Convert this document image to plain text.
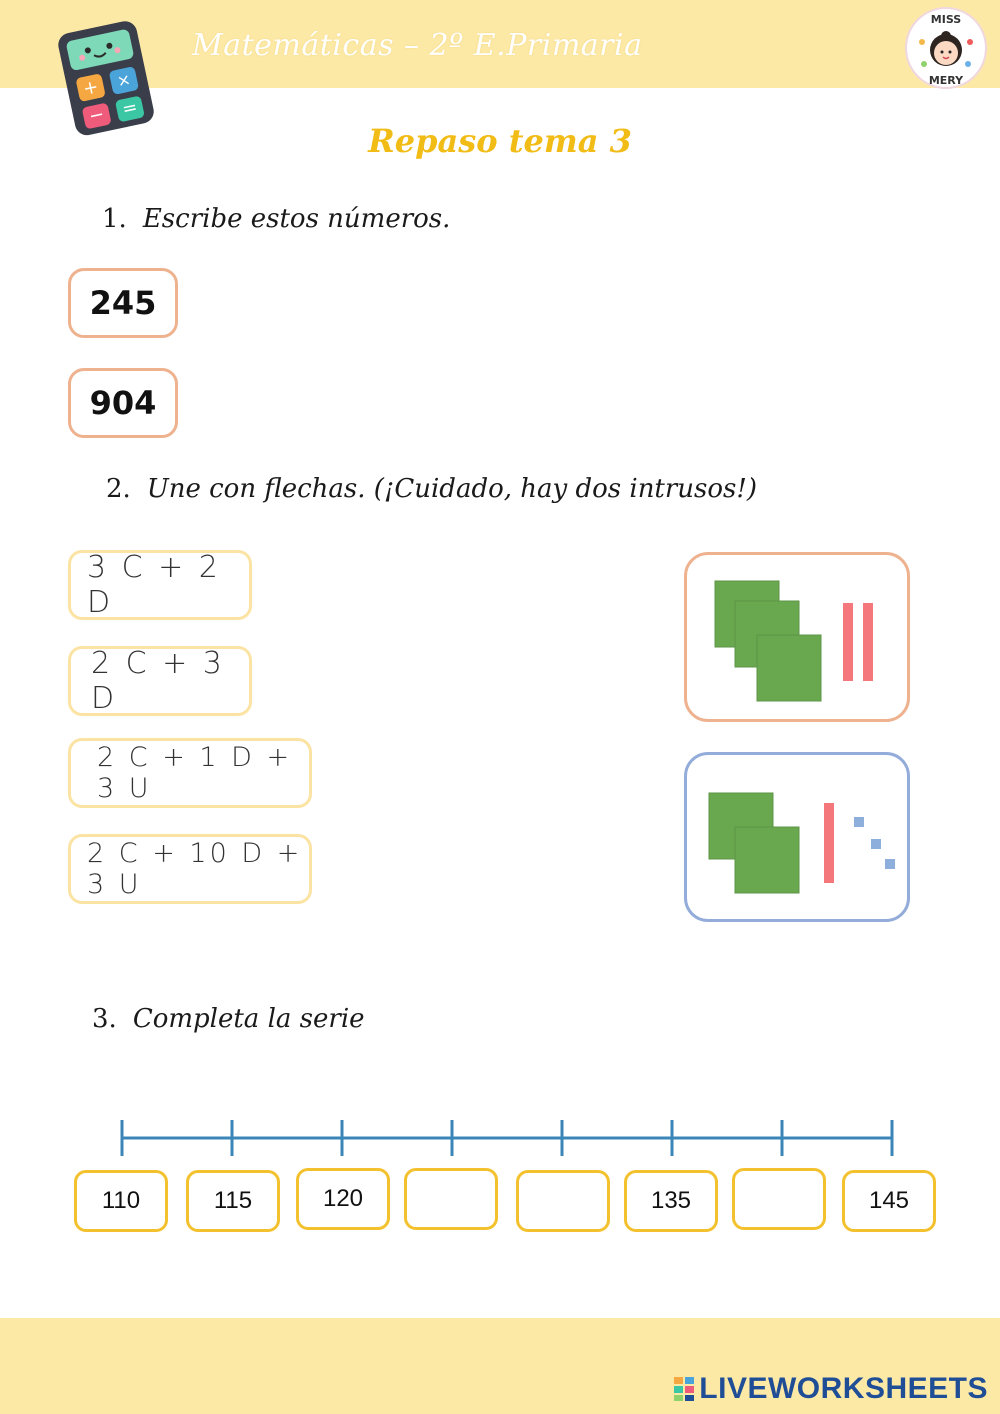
+ ×
− =
Matemáticas – 2º E.Primaria
MISS
MERY
Repaso tema 3
1. Escribe estos números.
245
904
2. Une con flechas. (¡Cuidado, hay dos intrusos!)
3 C + 2 D
2 C + 3 D
2 C + 1 D + 3 U
2 C + 10 D + 3 U
3. Completa la serie
110	115	120	135	145
LIVEWORKSHEETS
